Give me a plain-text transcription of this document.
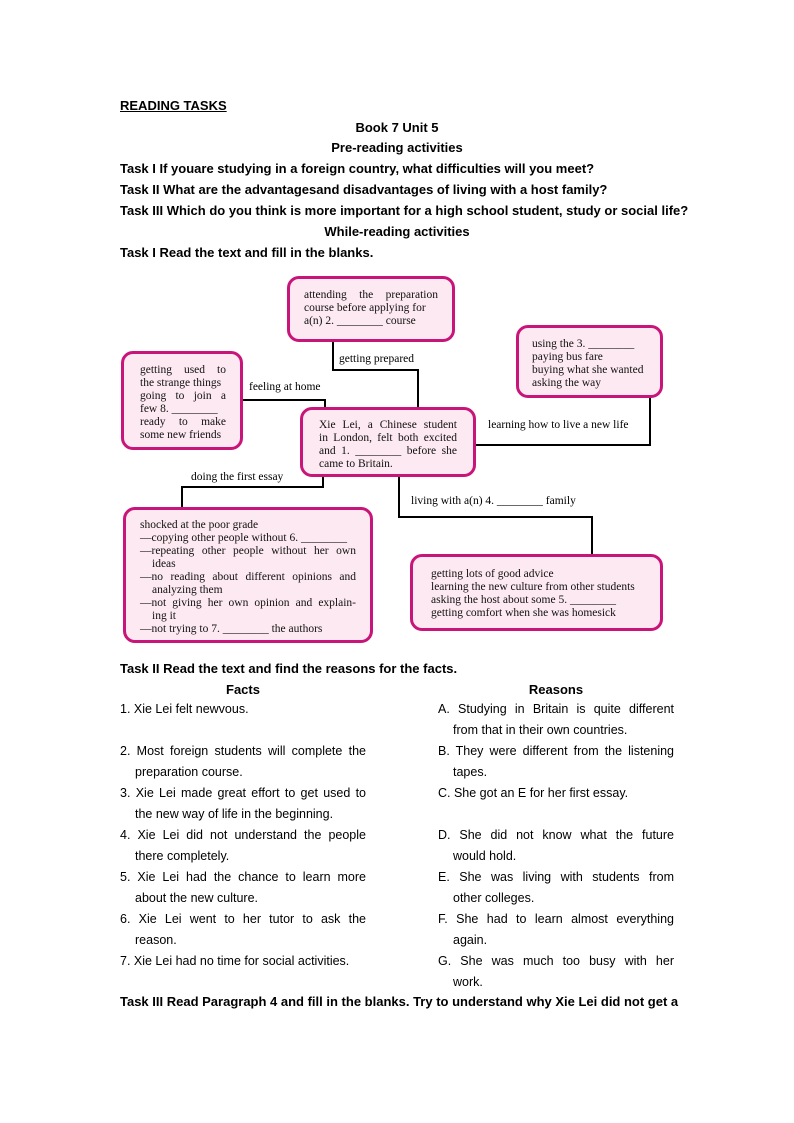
READING TASKS
Book 7 Unit 5
Pre-reading activities
Task I If youare studying in a foreign country, what difficulties will you meet?
Task II What are the advantagesand disadvantages of living with a host family?
Task III Which do you think is more important for a high school student, study or social life?
While-reading activities
Task I Read the text and fill in the blanks.
getting prepared
feeling at home
learning how to live a new life
doing the first essay
living with a(n) 4. ________ family
attending the preparation
course before applying for
a(n) 2. ________ course
using the 3. ________
paying bus fare
buying what she wanted
asking the way
getting used to
the strange things
going to join a
few 8. ________
ready to make
some new friends
Xie Lei, a Chinese student
in London, felt both excited
and 1. ________ before she
came to Britain.
shocked at the poor grade
—copying other people without 6. ________
—repeating other people without her own
ideas
—no reading about different opinions and
analyzing them
—not giving her own opinion and explain-
ing it
—not trying to 7. ________ the authors
getting lots of good advice
learning the new culture from other students
asking the host about some 5. ________
getting comfort when she was homesick
Task II Read the text and find the reasons for the facts.
Facts	Reasons
1. Xie Lei felt newvous.
2. Most foreign students will complete the
preparation course.
3. Xie Lei made great effort to get used to
the new way of life in the beginning.
4. Xie Lei did not understand the people
there completely.
5. Xie Lei had the chance to learn more
about the new culture.
6. Xie Lei went to her tutor to ask the
reason.
7. Xie Lei had no time for social activities.
A. Studying in Britain is quite different
from that in their own countries.
B. They were different from the listening
tapes.
C. She got an E for her first essay.
D. She did not know what the future
would hold.
E. She was living with students from
other colleges.
F. She had to learn almost everything
again.
G. She was much too busy with her
work.
Task III Read Paragraph 4 and fill in the blanks. Try to understand why Xie Lei did not get a
